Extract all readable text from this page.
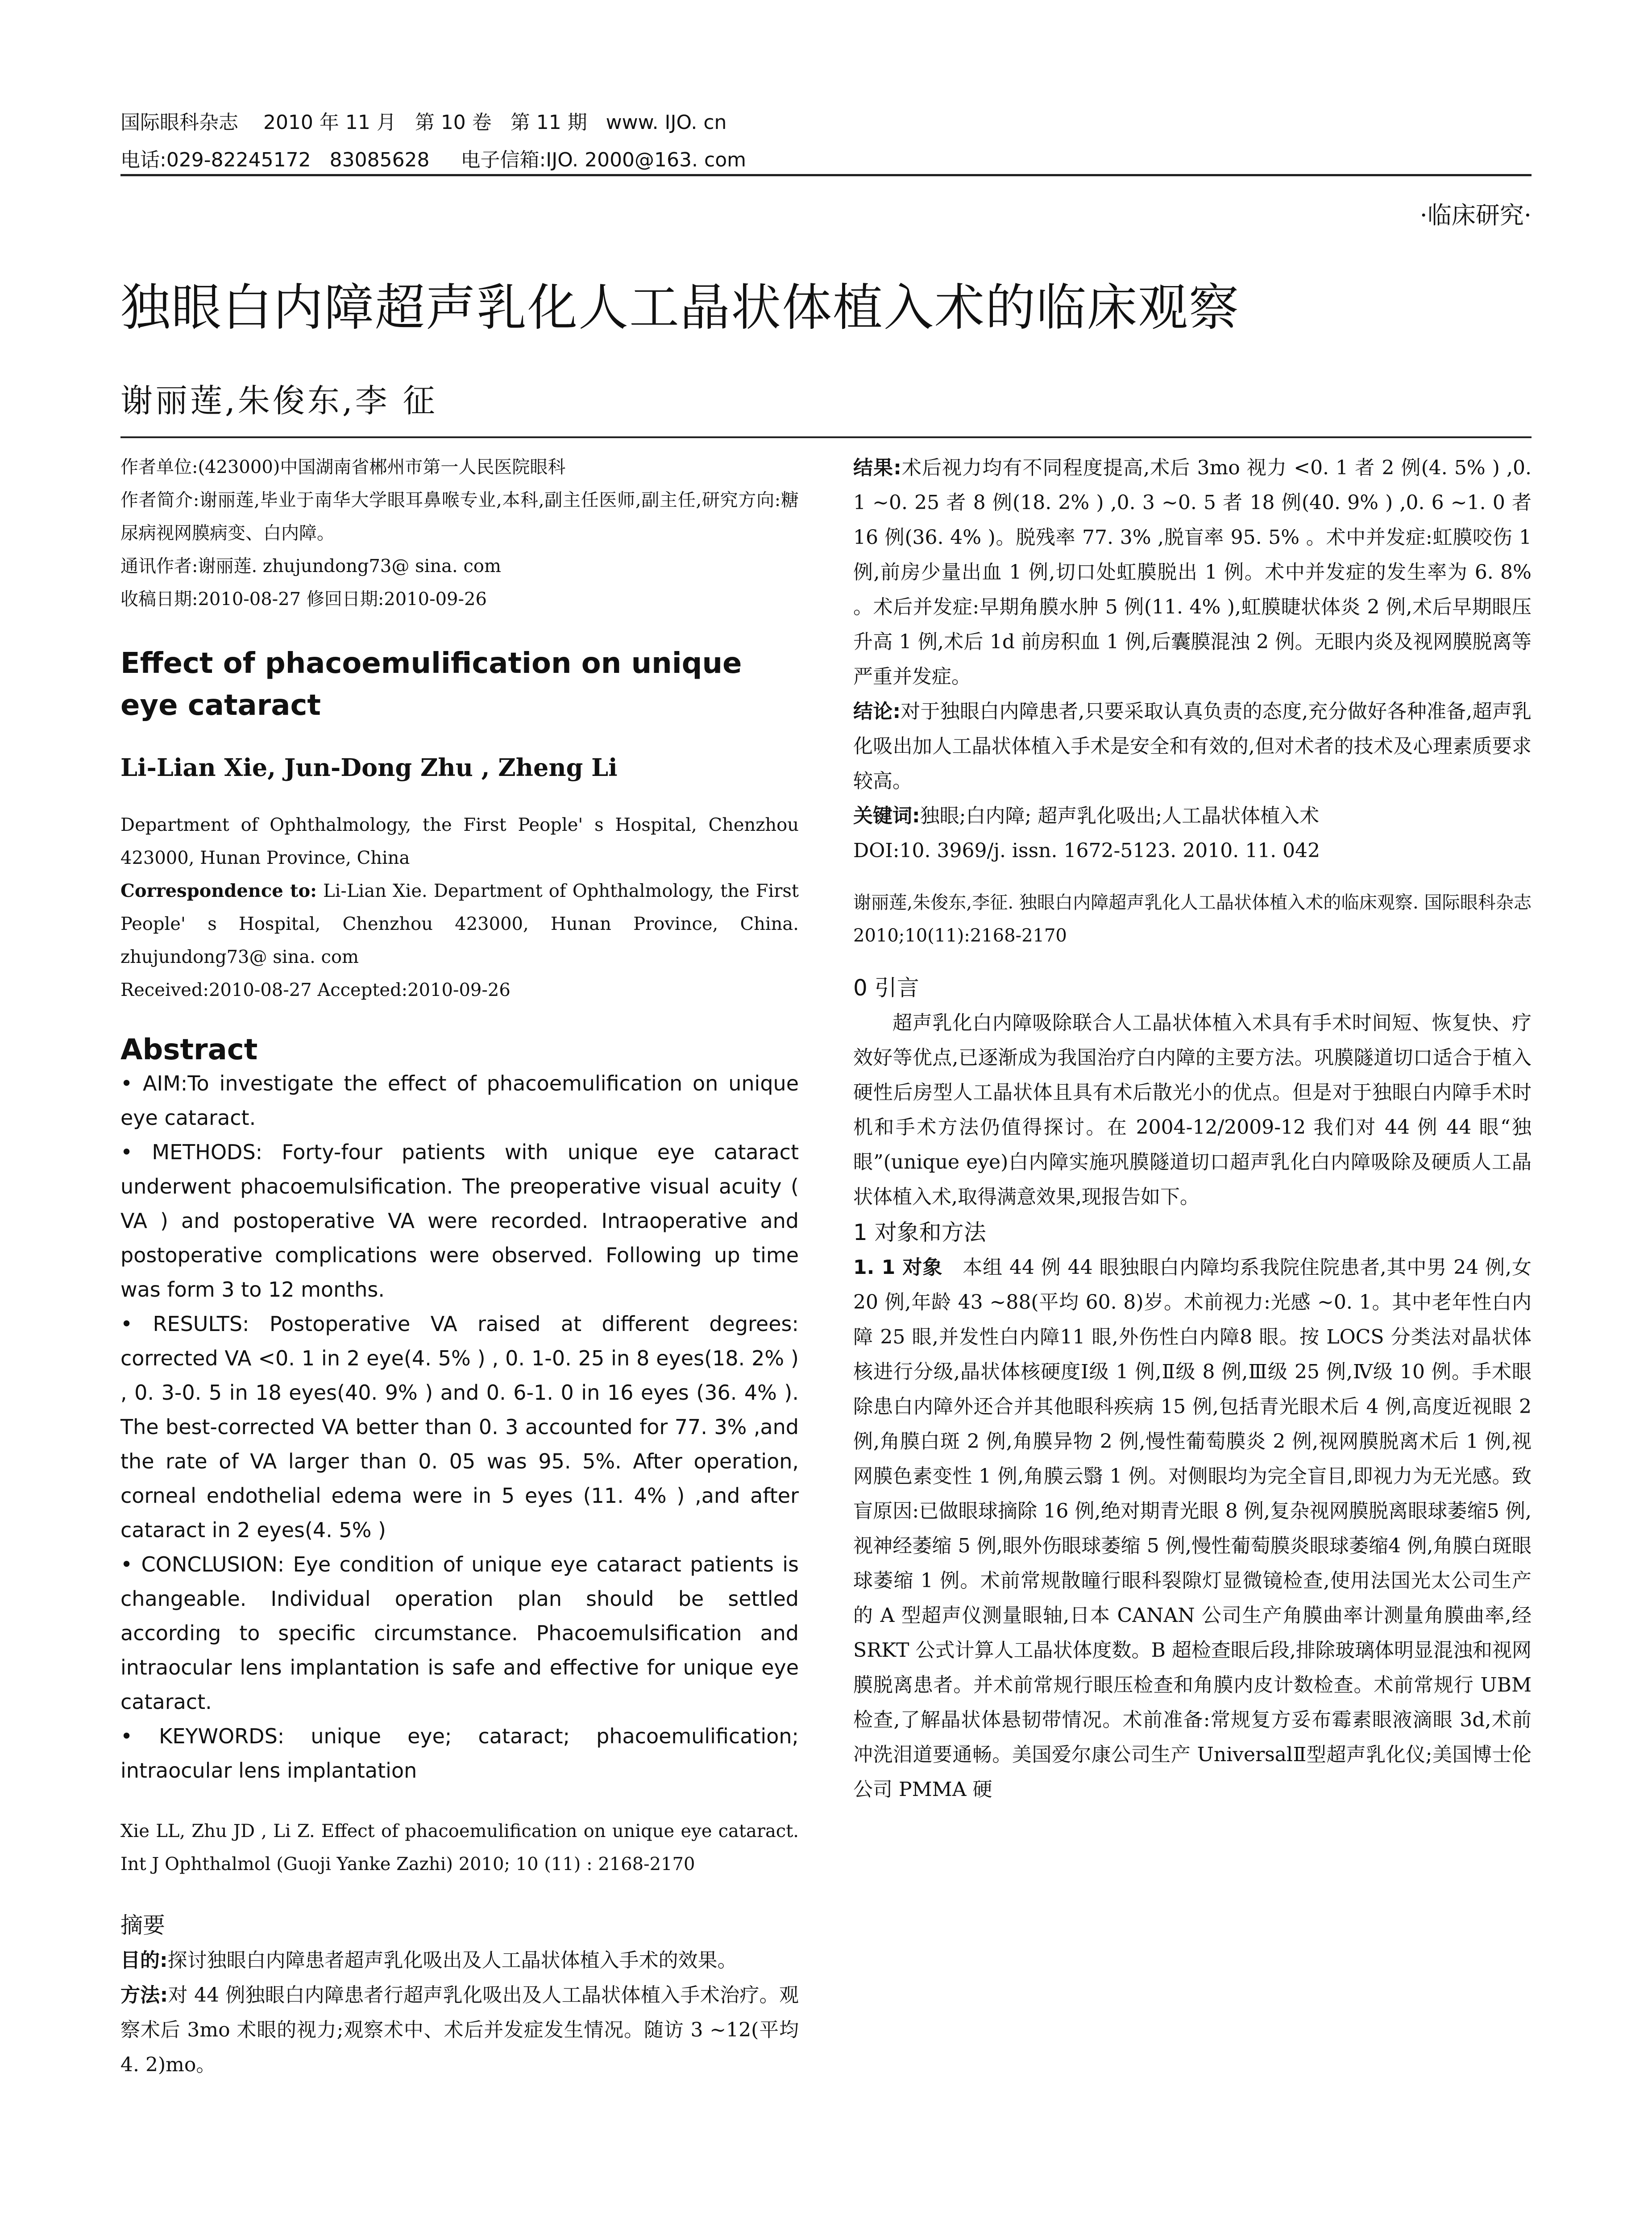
国际眼科杂志    2010 年 11 月   第 10 卷   第 11 期   www. IJO. cn
电话:029-82245172   83085628     电子信箱:IJO. 2000@163. com
·临床研究·
独眼白内障超声乳化人工晶状体植入术的临床观察
谢丽莲,朱俊东,李 征

作者单位:(423000)中国湖南省郴州市第一人民医院眼科

作者简介:谢丽莲,毕业于南华大学眼耳鼻喉专业,本科,副主任医师,副主任,研究方向:糖尿病视网膜病变、白内障。

通讯作者:谢丽莲. zhujundong73@ sina. com

收稿日期:2010-08-27 修回日期:2010-09-26

Effect of phacoemulification on unique eye cataract

Li-Lian Xie, Jun-Dong Zhu , Zheng Li

Department of Ophthalmology, the First People' s Hospital, Chenzhou 423000, Hunan Province, China

Correspondence to: Li-Lian Xie. Department of Ophthalmology, the First People' s Hospital, Chenzhou 423000, Hunan Province, China. zhujundong73@ sina. com

Received:2010-08-27 Accepted:2010-09-26

Abstract

• AIM:To investigate the effect of phacoemulification on unique eye cataract.

• METHODS: Forty-four patients with unique eye cataract underwent phacoemulsification. The preoperative visual acuity ( VA ) and postoperative VA were recorded. Intraoperative and postoperative complications were observed. Following up time was form 3 to 12 months.

• RESULTS: Postoperative VA raised at different degrees: corrected VA <0. 1 in 2 eye(4. 5% ) , 0. 1-0. 25 in 8 eyes(18. 2% ) , 0. 3-0. 5 in 18 eyes(40. 9% ) and 0. 6-1. 0 in 16 eyes (36. 4% ). The best-corrected VA better than 0. 3 accounted for 77. 3% ,and the rate of VA larger than 0. 05 was 95. 5%. After operation, corneal endothelial edema were in 5 eyes (11. 4% ) ,and after cataract in 2 eyes(4. 5% )

• CONCLUSION: Eye condition of unique eye cataract patients is changeable. Individual operation plan should be settled according to specific circumstance. Phacoemulsification and intraocular lens implantation is safe and effective for unique eye cataract.

• KEYWORDS: unique eye; cataract; phacoemulification; intraocular lens implantation

Xie LL, Zhu JD , Li Z. Effect of phacoemulification on unique eye cataract. Int J Ophthalmol (Guoji Yanke Zazhi) 2010; 10 (11) : 2168-2170

摘要

目的:探讨独眼白内障患者超声乳化吸出及人工晶状体植入手术的效果。

方法:对 44 例独眼白内障患者行超声乳化吸出及人工晶状体植入手术治疗。观察术后 3mo 术眼的视力;观察术中、术后并发症发生情况。随访 3 ~12(平均 4. 2)mo。

结果:术后视力均有不同程度提高,术后 3mo 视力 <0. 1 者 2 例(4. 5% ) ,0. 1 ~0. 25 者 8 例(18. 2% ) ,0. 3 ~0. 5 者 18 例(40. 9% ) ,0. 6 ~1. 0 者 16 例(36. 4% )。脱残率 77. 3% ,脱盲率 95. 5% 。术中并发症:虹膜咬伤 1 例,前房少量出血 1 例,切口处虹膜脱出 1 例。术中并发症的发生率为 6. 8% 。术后并发症:早期角膜水肿 5 例(11. 4% ),虹膜睫状体炎 2 例,术后早期眼压升高 1 例,术后 1d 前房积血 1 例,后囊膜混浊 2 例。无眼内炎及视网膜脱离等严重并发症。

结论:对于独眼白内障患者,只要采取认真负责的态度,充分做好各种准备,超声乳化吸出加人工晶状体植入手术是安全和有效的,但对术者的技术及心理素质要求较高。

关键词:独眼;白内障; 超声乳化吸出;人工晶状体植入术

DOI:10. 3969/j. issn. 1672-5123. 2010. 11. 042

谢丽莲,朱俊东,李征. 独眼白内障超声乳化人工晶状体植入术的临床观察. 国际眼科杂志 2010;10(11):2168-2170

0 引言

超声乳化白内障吸除联合人工晶状体植入术具有手术时间短、恢复快、疗效好等优点,已逐渐成为我国治疗白内障的主要方法。巩膜隧道切口适合于植入硬性后房型人工晶状体且具有术后散光小的优点。但是对于独眼白内障手术时机和手术方法仍值得探讨。在 2004-12/2009-12 我们对 44 例 44 眼“独眼”(unique eye)白内障实施巩膜隧道切口超声乳化白内障吸除及硬质人工晶状体植入术,取得满意效果,现报告如下。

1 对象和方法

1. 1 对象　 本组 44 例 44 眼独眼白内障均系我院住院患者,其中男 24 例,女 20 例,年龄 43 ~88(平均 60. 8)岁。术前视力:光感 ~0. 1。其中老年性白内障 25 眼,并发性白内障11 眼,外伤性白内障8 眼。按 LOCS 分类法对晶状体核进行分级,晶状体核硬度Ⅰ级 1 例,Ⅱ级 8 例,Ⅲ级 25 例,Ⅳ级 10 例。手术眼除患白内障外还合并其他眼科疾病 15 例,包括青光眼术后 4 例,高度近视眼 2 例,角膜白斑 2 例,角膜异物 2 例,慢性葡萄膜炎 2 例,视网膜脱离术后 1 例,视网膜色素变性 1 例,角膜云翳 1 例。对侧眼均为完全盲目,即视力为无光感。致盲原因:已做眼球摘除 16 例,绝对期青光眼 8 例,复杂视网膜脱离眼球萎缩5 例,视神经萎缩 5 例,眼外伤眼球萎缩 5 例,慢性葡萄膜炎眼球萎缩4 例,角膜白斑眼球萎缩 1 例。术前常规散瞳行眼科裂隙灯显微镜检查,使用法国光太公司生产的 A 型超声仪测量眼轴,日本 CANAN 公司生产角膜曲率计测量角膜曲率,经 SRKT 公式计算人工晶状体度数。B 超检查眼后段,排除玻璃体明显混浊和视网膜脱离患者。并术前常规行眼压检查和角膜内皮计数检查。术前常规行 UBM 检查,了解晶状体悬韧带情况。术前准备:常规复方妥布霉素眼液滴眼 3d,术前冲洗泪道要通畅。美国爱尔康公司生产 UniversalⅡ型超声乳化仪;美国博士伦公司 PMMA 硬
